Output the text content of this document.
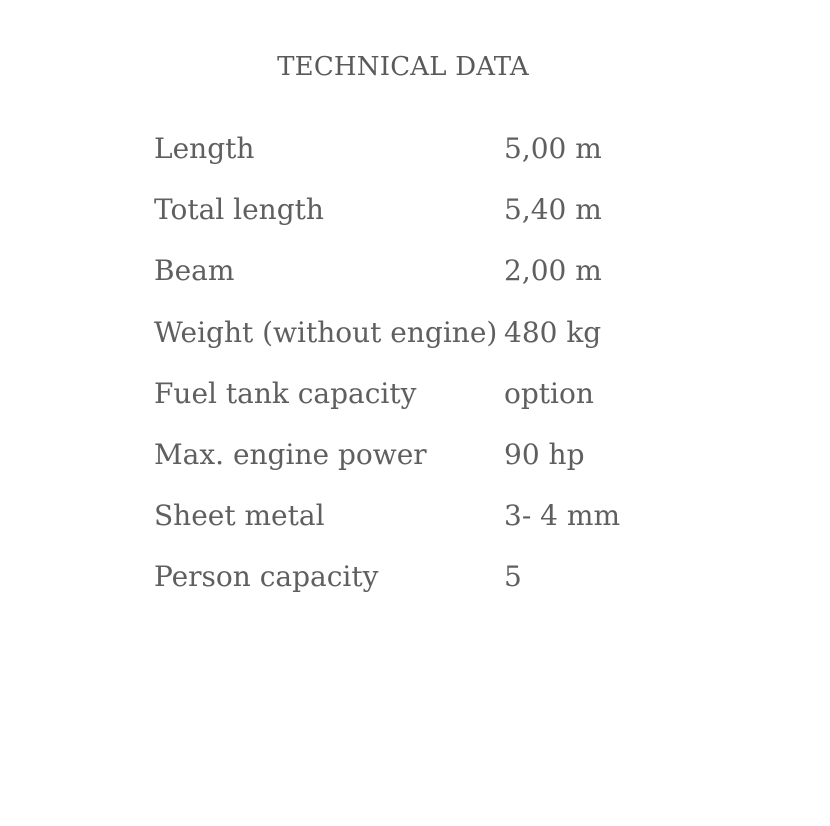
TECHNICAL DATA
Length	5,00 m
Total length	5,40 m
Beam	2,00 m
Weight (without engine)	480 kg
Fuel tank capacity	option
Max. engine power	90 hp
Sheet metal	3- 4 mm
Person capacity	5
